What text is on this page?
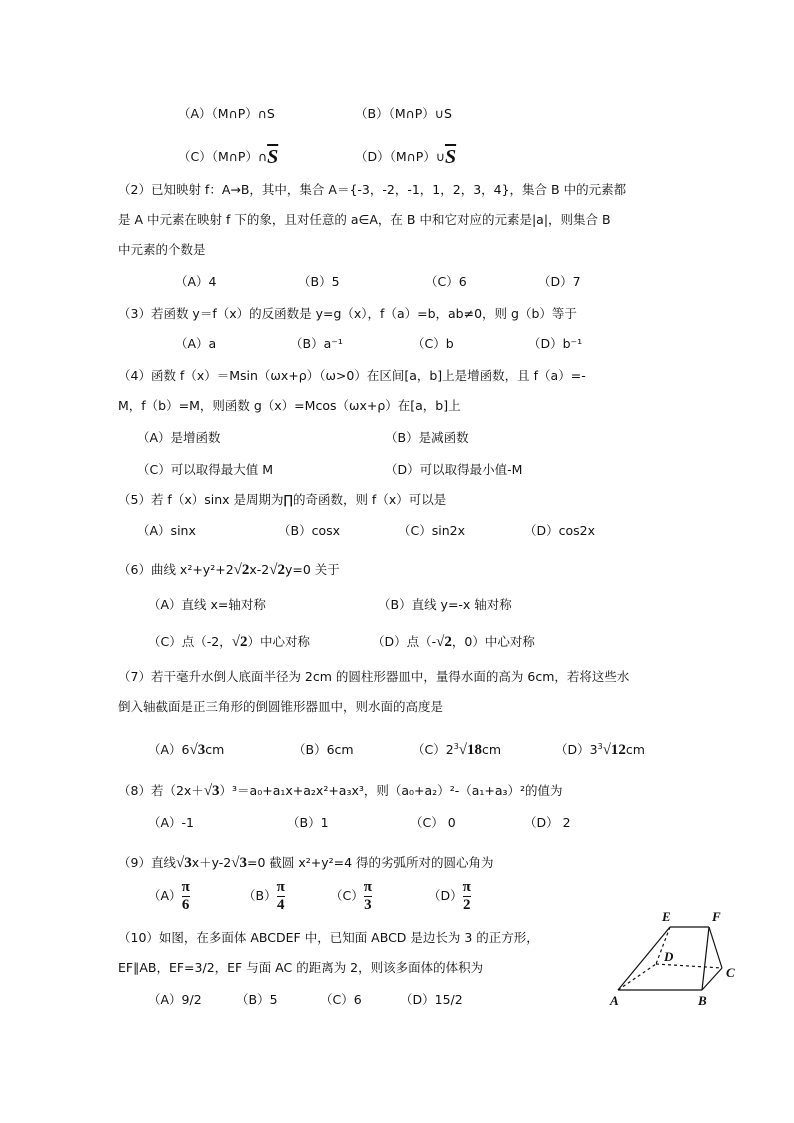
（A）（M∩P）∩S	（B）（M∩P）∪S
$(C)(M\cap P)\cap\overline{S}$	$(D)(M\cap P)\cup\overline{S}$
（2）已知映射 f：A→B，其中，集合 A＝{-3，-2，-1，1，2，3，4}，集合 B 中的元素都
是 A 中元素在映射 f 下的象，且对任意的 a∈A，在 B 中和它对应的元素是|a|，则集合 B
中元素的个数是
（A）4	（B）5	（C）6	（D）7
（3）若函数 y＝f（x）的反函数是 y=g（x），f（a）=b，ab≠0，则 g（b）等于
（A）a	（B）a⁻¹	（C）b	（D）b⁻¹
（4）函数 f（x）＝Msin（ωx+ρ）（ω>0）在区间[a，b]上是增函数，且 f（a）=-
M，f（b）=M，则函数 g（x）=Mcos（ωx+ρ）在[a，b]上
（A）是增函数	（B）是减函数
（C）可以取得最大值 M	（D）可以取得最小值-M
（5）若 f（x）sinx 是周期为∏的奇函数，则 f（x）可以是
（A）sinx	（B）cosx	（C）sin2x	（D）cos2x
（6）曲线 x²+y²+2√2x-2√2y=0 关于
（A）直线 x=轴对称	（B）直线 y=-x 轴对称
（C）点（-2，√2）中心对称	（D）点（-√2，0）中心对称
（7）若干毫升水倒人底面半径为 2cm 的圆柱形器皿中，量得水面的高为 6cm，若将这些水
倒入轴截面是正三角形的倒圆锥形器皿中，则水面的高度是
（A）6√3cm	（B）6cm	$(C)2^3√18cm$	$(D)3^3√12cm$
（8）若（2x＋√3）³＝a₀+a₁x+a₂x²+a₃x³，则（a₀+a₂）²-（a₁+a₃）²的值为
（A）-1	（B）1	（C） 0	（D） 2
（9）直线√3x＋y-2√3=0 截圆 x²+y²=4 得的劣弧所对的圆心角为
$(A)\frac{\pi}{6}$	$(B)\frac{\pi}{4}$	$(C)\frac{\pi}{3}$	$(D)\frac{\pi}{2}$
（10）如图，在多面体 ABCDEF 中，已知面 ABCD 是边长为 3 的正方形，
EF∥AB，EF=3/2，EF 与面 AC 的距离为 2，则该多面体的体积为
（A）9/2	（B）5	（C）6	（D）15/2
E	F
D
C
A	B
